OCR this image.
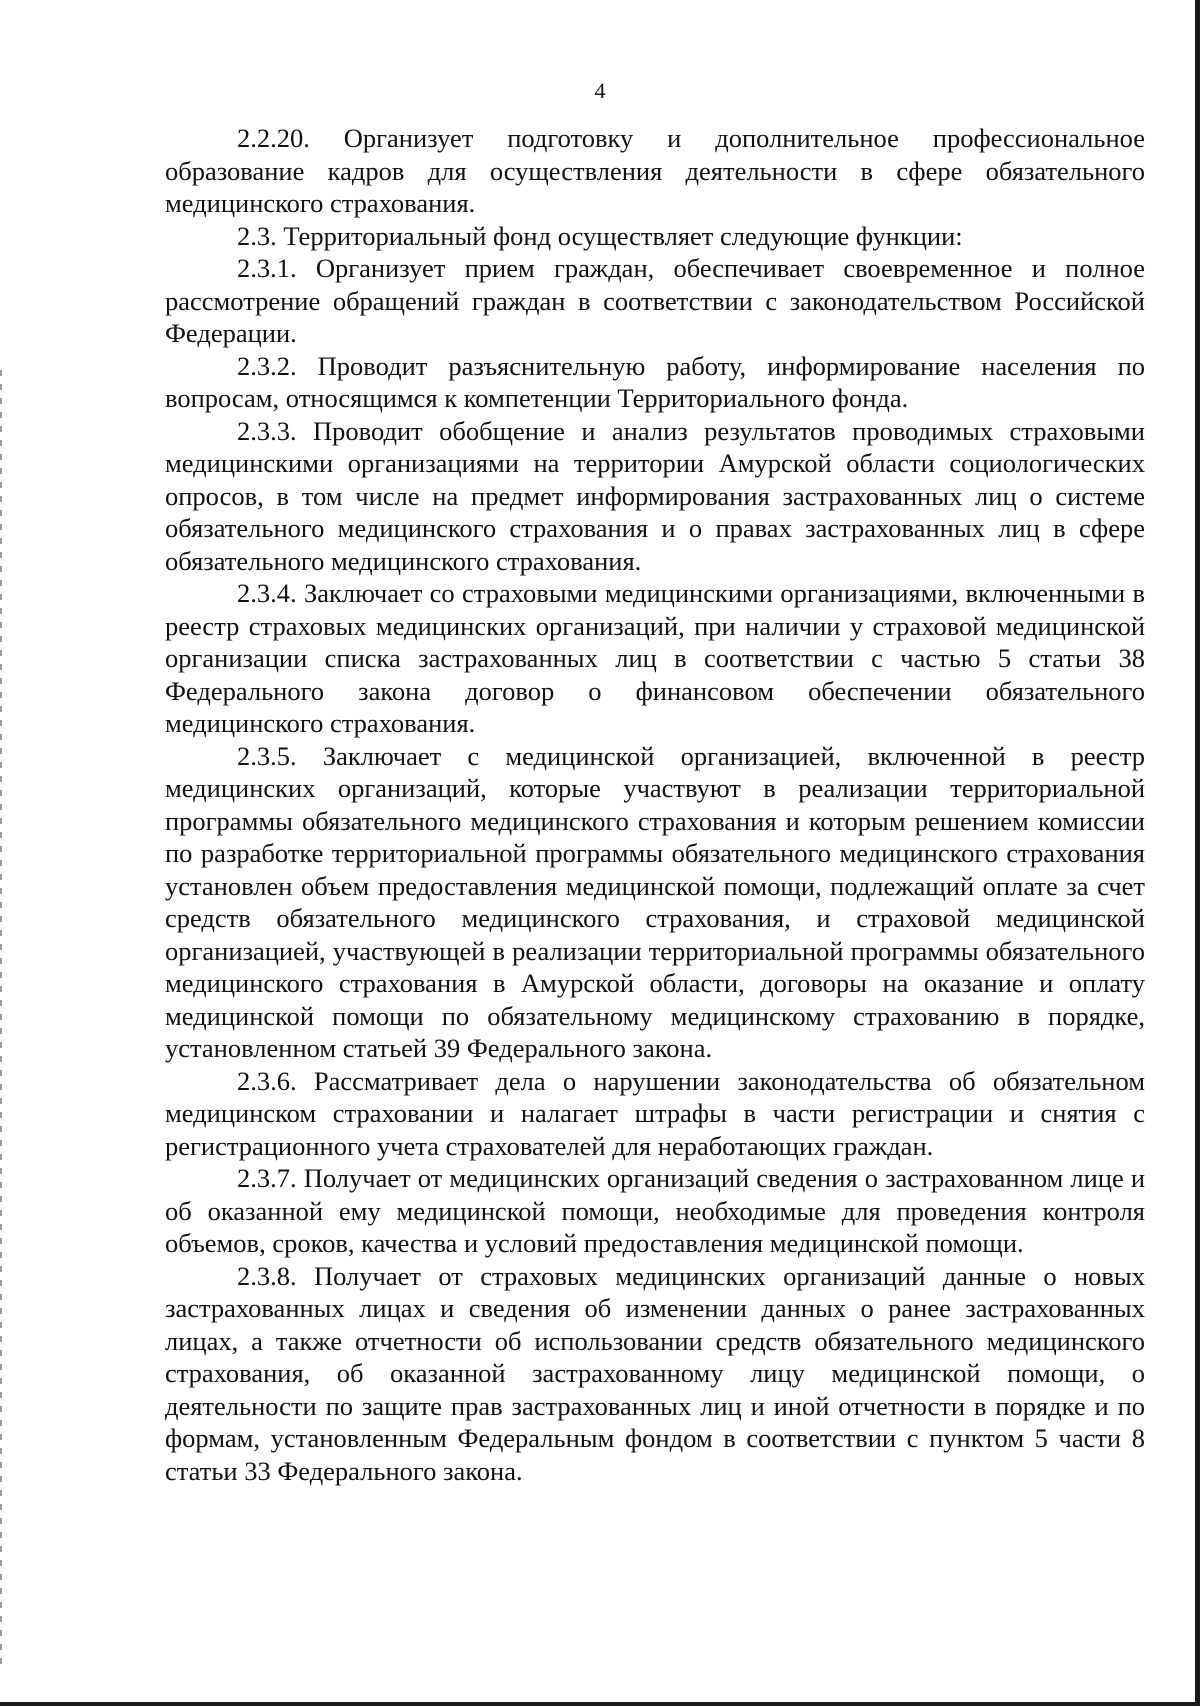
4

2.2.20. Организует подготовку и дополнительное профессиональное образование кадров для осуществления деятельности в сфере обязательного медицинского страхования.

2.3. Территориальный фонд осуществляет следующие функции:

2.3.1. Организует прием граждан, обеспечивает своевременное и полное рассмотрение обращений граждан в соответствии с законодательством Российской Федерации.

2.3.2. Проводит разъяснительную работу, информирование населения по вопросам, относящимся к компетенции Территориального фонда.

2.3.3. Проводит обобщение и анализ результатов проводимых страховыми медицинскими организациями на территории Амурской области социологических опросов, в том числе на предмет информирования застрахованных лиц о системе обязательного медицинского страхования и о правах застрахованных лиц в сфере обязательного медицинского страхования.

2.3.4. Заключает со страховыми медицинскими организациями, включенными в реестр страховых медицинских организаций, при наличии у страховой медицинской организации списка застрахованных лиц в соответствии с частью 5 статьи 38 Федерального закона договор о финансовом обеспечении обязательного медицинского страхования.

2.3.5. Заключает с медицинской организацией, включенной в реестр медицинских организаций, которые участвуют в реализации территориальной программы обязательного медицинского страхования и которым решением комиссии по разработке территориальной программы обязательного медицинского страхования установлен объем предоставления медицинской помощи, подлежащий оплате за счет средств обязательного медицинского страхования, и страховой медицинской организацией, участвующей в реализации территориальной программы обязательного медицинского страхования в Амурской области, договоры на оказание и оплату медицинской помощи по обязательному медицинскому страхованию в порядке, установленном статьей 39 Федерального закона.

2.3.6. Рассматривает дела о нарушении законодательства об обязательном медицинском страховании и налагает штрафы в части регистрации и снятия с регистрационного учета страхователей для неработающих граждан.

2.3.7. Получает от медицинских организаций сведения о застрахованном лице и об оказанной ему медицинской помощи, необходимые для проведения контроля объемов, сроков, качества и условий предоставления медицинской помощи.

2.3.8. Получает от страховых медицинских организаций данные о новых застрахованных лицах и сведения об изменении данных о ранее застрахованных лицах, а также отчетности об использовании средств обязательного медицинского страхования, об оказанной застрахованному лицу медицинской помощи, о деятельности по защите прав застрахованных лиц и иной отчетности в порядке и по формам, установленным Федеральным фондом в соответствии с пунктом 5 части 8 статьи 33 Федерального закона.
